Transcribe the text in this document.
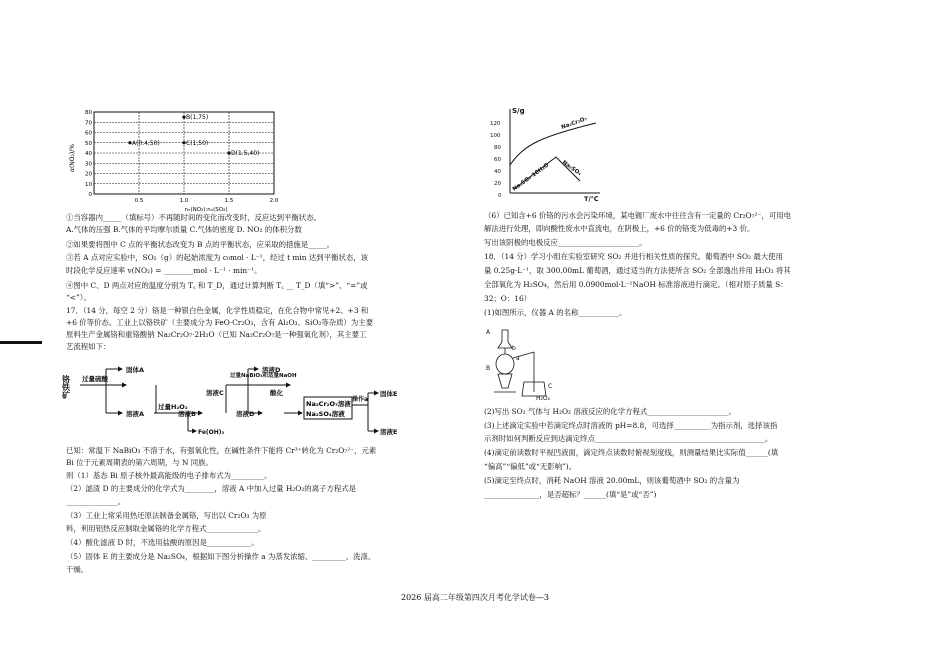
0
10
20
30
40
50
60
70
80
0.5	1.0	1.5	2.0
A(0.4,50)
B(1,75)
C(1,50)
D(1.5,40)
α(NO₂)/%
nₓ(NO₂):nₓ(SO₂)
①当容器内_____（填标号）不再随时间的变化而改变时，反应达到平衡状态。
A.气体的压强 B.气体的平均摩尔质量 C.气体的密度 D. NO₂ 的体积分数
②如果要将图中 C 点的平衡状态改变为 B 点的平衡状态，应采取的措施是_____。
③若 A 点对应实验中，SO₂（g）的起始浓度为 c₀mol · L⁻¹，经过 t min 达到平衡状态，该
时段化学反应速率 v(NO₂) = ________mol · L⁻¹ · min⁻¹。
④图中 C、D 两点对应的温度分别为 T꜀ 和 T_D，通过计算判断 T꜀ __ T_D（填“>”、“=”或
“<”）。
17．（14 分，每空 2 分）铬是一种银白色金属，化学性质稳定，在化合物中常见+2、+3 和
+6 价等价态。工业上以铬铁矿（主要成分为 FeO·Cr₂O₃，含有 Al₂O₃、SiO₂等杂质）为主要
原料生产金属铬和重铬酸钠 Na₂Cr₂O₇·2H₂O（已知 Na₂Cr₂O₇是一种强氧化剂），其主要工
艺流程如下：
铬铁矿 过量硫酸
固体A
溶液A
过量H₂O₂
溶液B
过量NaBiO₃和适量NaOH
溶液C
溶液D
Fe(OH)₃
溶液D
酸化
操作a
固体E
溶液E
Na₂Cr₂O₇溶液
Na₂SO₄溶液
已知：常温下 NaBiO₃ 不溶于水，有强氧化性，在碱性条件下能将 Cr³⁺转化为 Cr₂O₇²⁻，元素
Bi 位于元素周期表的第六周期，与 N 同族。
则（1）基态 Bi 原子核外最高能级的电子排布式为_________。
（2）滤渣 D 的主要成分的化学式为________，溶液 A 中加入过量 H₂O₂的离子方程式是
______________。
（3）工业上常采用热还原法制备金属铬，写出以 Cr₂O₃ 为原
料，利用铝热反应制取金属铬的化学方程式______________。
（4）酸化滤液 D 时，不选用盐酸的原因是____________。
（5）固体 E 的主要成分是 Na₂SO₄，根据如下图分析操作 a 为蒸发浓缩、_________、洗涤、
干燥。
S/g
T/℃
120
100
80
60
40
20
0
Na₂Cr₂O₇
Na₂SO₄
Na₂SO₄·10H₂O
（6）已知含+6 价铬的污水会污染环境，某电镀厂废水中往往含有一定量的 Cr₂O₇²⁻，可用电
解法进行处理，即向酸性废水中直流电，在阴极上，+6 价的铬变为低毒的+3 价。
写出该阴极的电极反应______________________。
18．（14 分）学习小组在实验室研究 SO₂ 并进行相关性质的探究。葡萄酒中 SO₂ 最大使用
量 0.25g·L⁻¹，取 300.00mL 葡萄酒，通过适当的方法使所含 SO₂ 全部逸出并用 H₂O₂ 将其
全部氧化为 H₂SO₄，然后用 0.0900mol·L⁻¹NaOH 标准溶液进行滴定。（相对原子质量 S：
32；O：16）
(1)如图所示，仪器 A 的名称___________。
A
b
a
B
C
H₂O₂
(2)写出 SO₂ 气体与 H₂O₂ 溶液反应的化学方程式______________________。
(3)上述滴定实验中若滴定终点时溶液的 pH=8.8，可选择__________为指示剂，选择该指
示剂时如何判断反应到达滴定终点______________________________________________。
(4)滴定前读数时平视凹液面，滴定终点读数时俯视刻度线，则测量结果比实际值______(填
“偏高”“偏低”或“无影响”)。
(5)滴定至终点时，消耗 NaOH 溶液 20.00mL，则该葡萄酒中 SO₂ 的含量为
_______________，是否超标？______(填“是”或“否”)
2026 届高二年级第四次月考化学试卷—3
